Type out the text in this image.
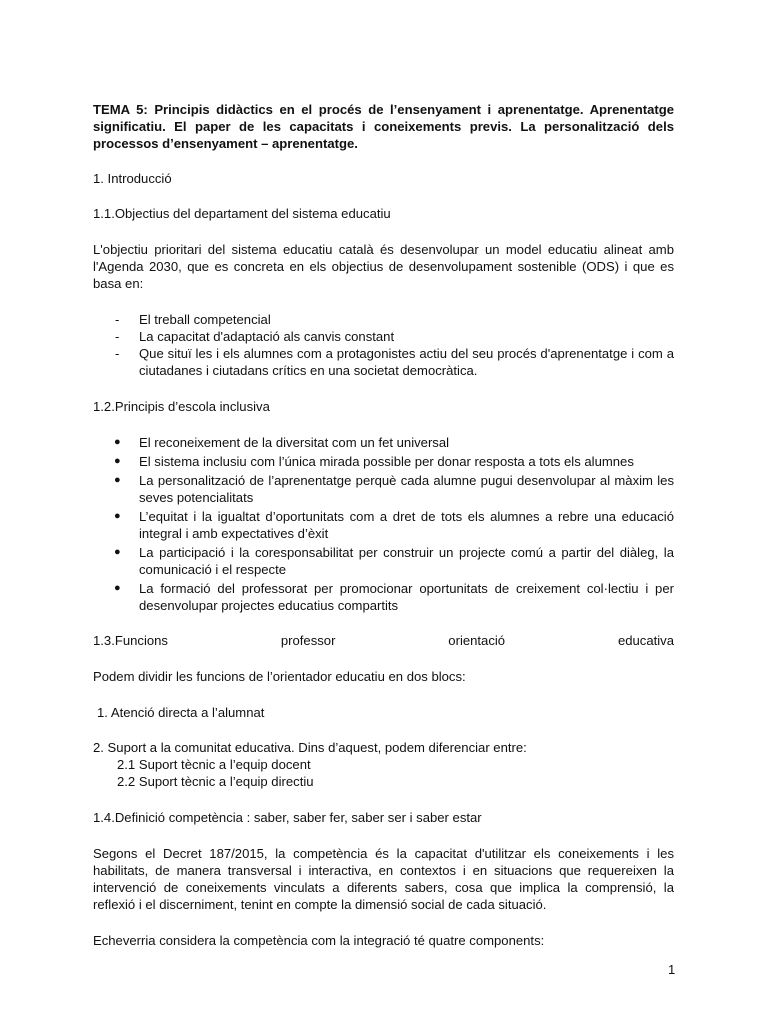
TEMA 5: Principis didàctics en el procés de l’ensenyament i aprenentatge. Aprenentatge significatiu. El paper de les capacitats i coneixements previs. La personalització dels processos d’ensenyament – aprenentatge.

1. Introducció

1.1.Objectius del departament del sistema educatiu

L'objectiu prioritari del sistema educatiu català és desenvolupar un model educatiu alineat amb l'Agenda 2030, que es concreta en els objectius de desenvolupament sostenible (ODS) i que es basa en:

- El treball competencial
- La capacitat d'adaptació als canvis constant
- Que situï les i els alumnes com a protagonistes actiu del seu procés d'aprenentatge i com a ciutadanes i ciutadans crítics en una societat democràtica.

1.2.Principis d’escola inclusiva

● El reconeixement de la diversitat com un fet universal
● El sistema inclusiu com l’única mirada possible per donar resposta a tots els alumnes
● La personalització de l’aprenentatge perquè cada alumne pugui desenvolupar al màxim les seves potencialitats
● L’equitat i la igualtat d’oportunitats com a dret de tots els alumnes a rebre una educació integral i amb expectatives d’èxit
● La participació i la coresponsabilitat per construir un projecte comú a partir del diàleg, la comunicació i el respecte
● La formació del professorat per promocionar oportunitats de creixement col·lectiu i per desenvolupar projectes educatius compartits
1.3.Funcions	professor	orientació	educativa

Podem dividir les funcions de l’orientador educatiu en dos blocs:

1. Atenció directa a l’alumnat

2. Suport a la comunitat educativa. Dins d’aquest, podem diferenciar entre:

2.1 Suport tècnic a l’equip docent

2.2 Suport tècnic a l’equip directiu

1.4.Definició competència : saber, saber fer, saber ser i saber estar

Segons el Decret 187/2015, la competència és la capacitat d'utilitzar els coneixements i les habilitats, de manera transversal i interactiva, en contextos i en situacions que requereixen la intervenció de coneixements vinculats a diferents sabers, cosa que implica la comprensió, la reflexió i el discerniment, tenint en compte la dimensió social de cada situació.

Echeverria considera la competència com la integració té quatre components:

1
